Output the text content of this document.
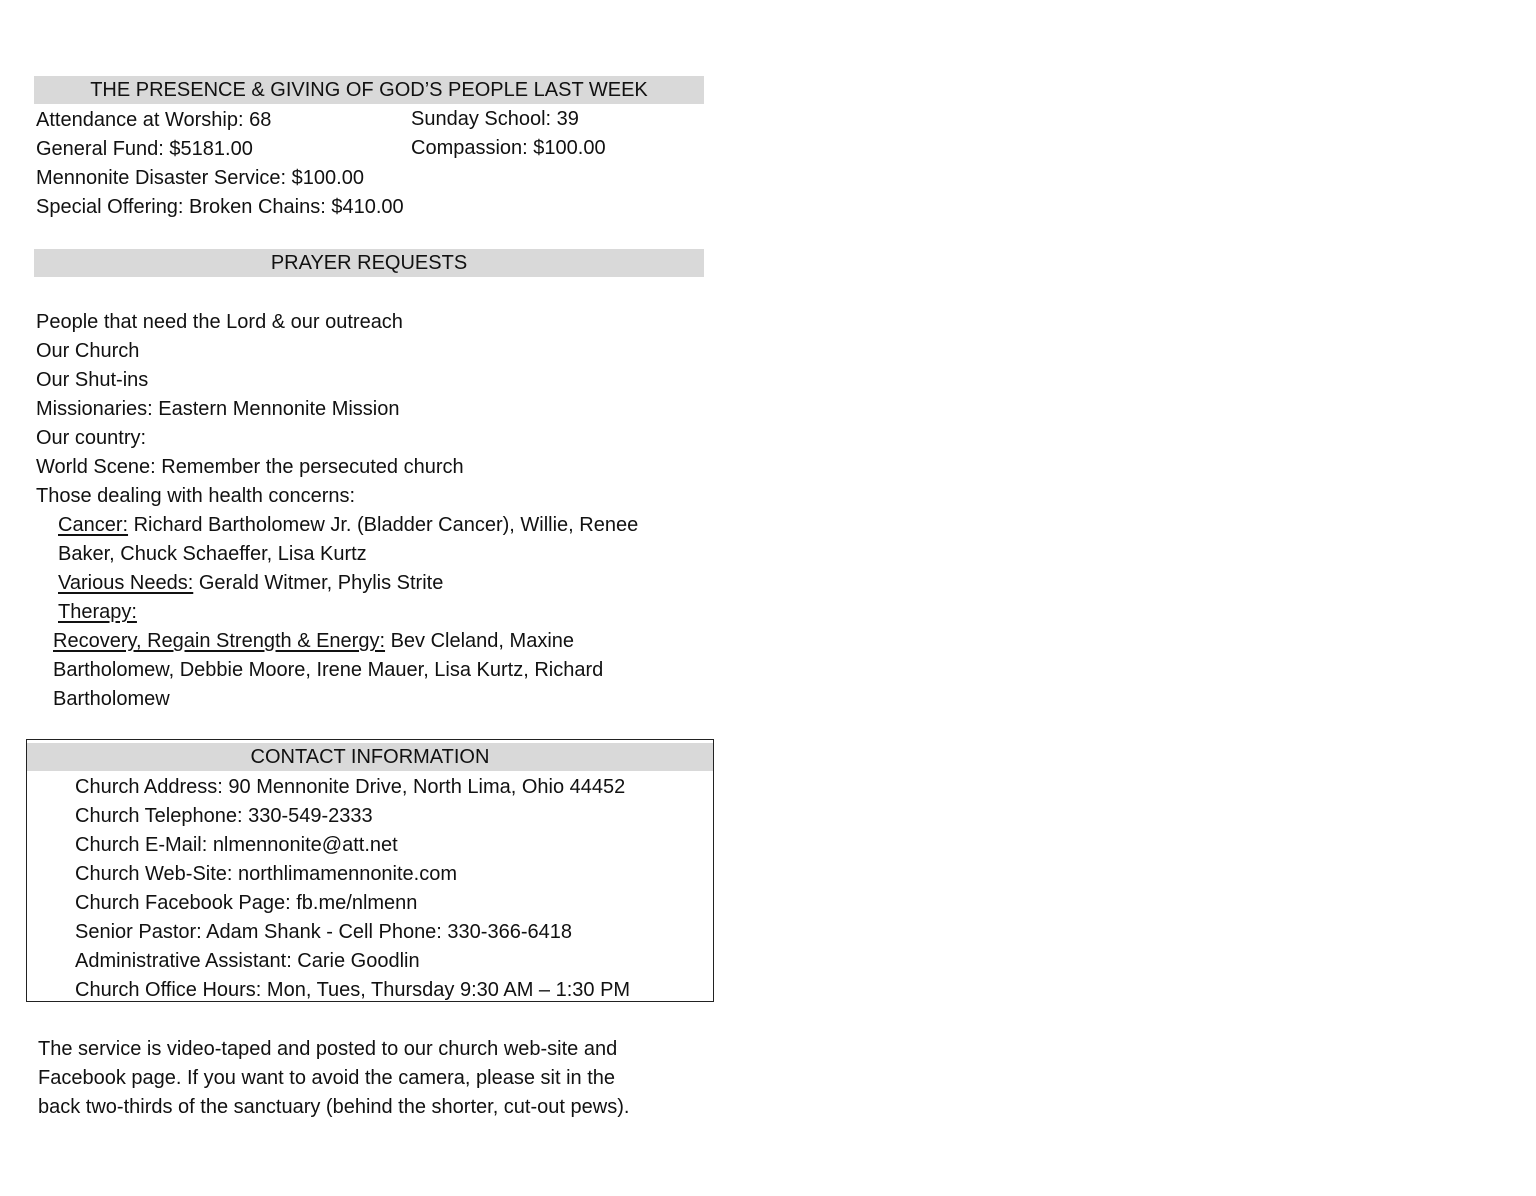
THE PRESENCE & GIVING OF GOD’S PEOPLE LAST WEEK
Attendance at Worship: 68
General Fund: $5181.00
Mennonite Disaster Service: $100.00
Special Offering: Broken Chains: $410.00
Sunday School: 39
Compassion: $100.00
PRAYER REQUESTS
People that need the Lord & our outreach
Our Church
Our Shut-ins
Missionaries: Eastern Mennonite Mission
Our country:
World Scene: Remember the persecuted church
Those dealing with health concerns:
Cancer: Richard Bartholomew Jr. (Bladder Cancer), Willie, Renee
Baker, Chuck Schaeffer, Lisa Kurtz
Various Needs: Gerald Witmer, Phylis Strite
Therapy:
Recovery, Regain Strength & Energy: Bev Cleland, Maxine
Bartholomew, Debbie Moore, Irene Mauer, Lisa Kurtz, Richard
Bartholomew
CONTACT INFORMATION
Church Address: 90 Mennonite Drive, North Lima, Ohio 44452
Church Telephone: 330-549-2333
Church E-Mail: nlmennonite@att.net
Church Web-Site: northlimamennonite.com
Church Facebook Page: fb.me/nlmenn
Senior Pastor: Adam Shank - Cell Phone: 330-366-6418
Administrative Assistant: Carie Goodlin
Church Office Hours: Mon, Tues, Thursday 9:30 AM – 1:30 PM
The service is video-taped and posted to our church web-site and
Facebook page. If you want to avoid the camera, please sit in the
back two-thirds of the sanctuary (behind the shorter, cut-out pews).
